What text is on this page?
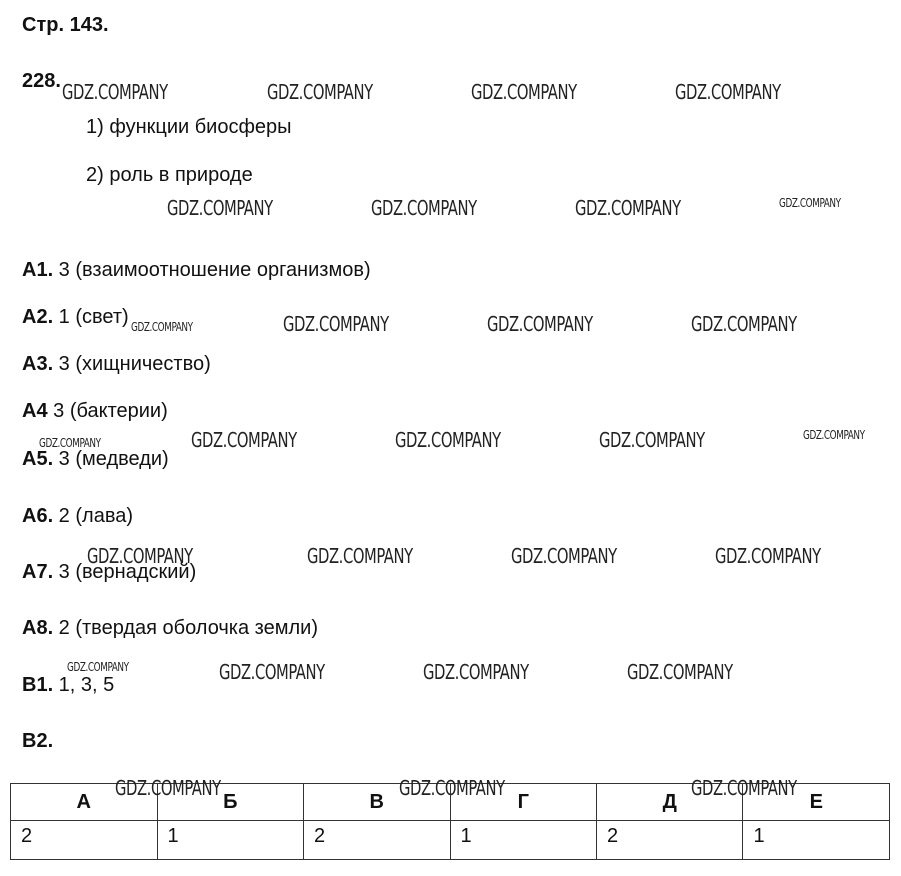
Стр. 143.
228.
1) функции биосферы
2) роль в природе
А1. 3 (взаимоотношение организмов)
А2. 1 (свет)
А3. 3 (хищничество)
А4 3 (бактерии)
А5. 3 (медведи)
А6. 2 (лава)
А7. 3 (вернадский)
А8. 2 (твердая оболочка земли)
В1. 1, 3, 5
В2.
А	Б	В	Г	Д	Е
2	1	2	1	2	1
GDZ.COMPANY	GDZ.COMPANY	GDZ.COMPANY	GDZ.COMPANY
GDZ.COMPANY	GDZ.COMPANY	GDZ.COMPANY	GDZ.COMPANY
GDZ.COMPANY	GDZ.COMPANY	GDZ.COMPANY	GDZ.COMPANY
GDZ.COMPANY	GDZ.COMPANY	GDZ.COMPANY	GDZ.COMPANY	GDZ.COMPANY
GDZ.COMPANY	GDZ.COMPANY	GDZ.COMPANY	GDZ.COMPANY
GDZ.COMPANY	GDZ.COMPANY	GDZ.COMPANY	GDZ.COMPANY
GDZ.COMPANY	GDZ.COMPANY	GDZ.COMPANY
